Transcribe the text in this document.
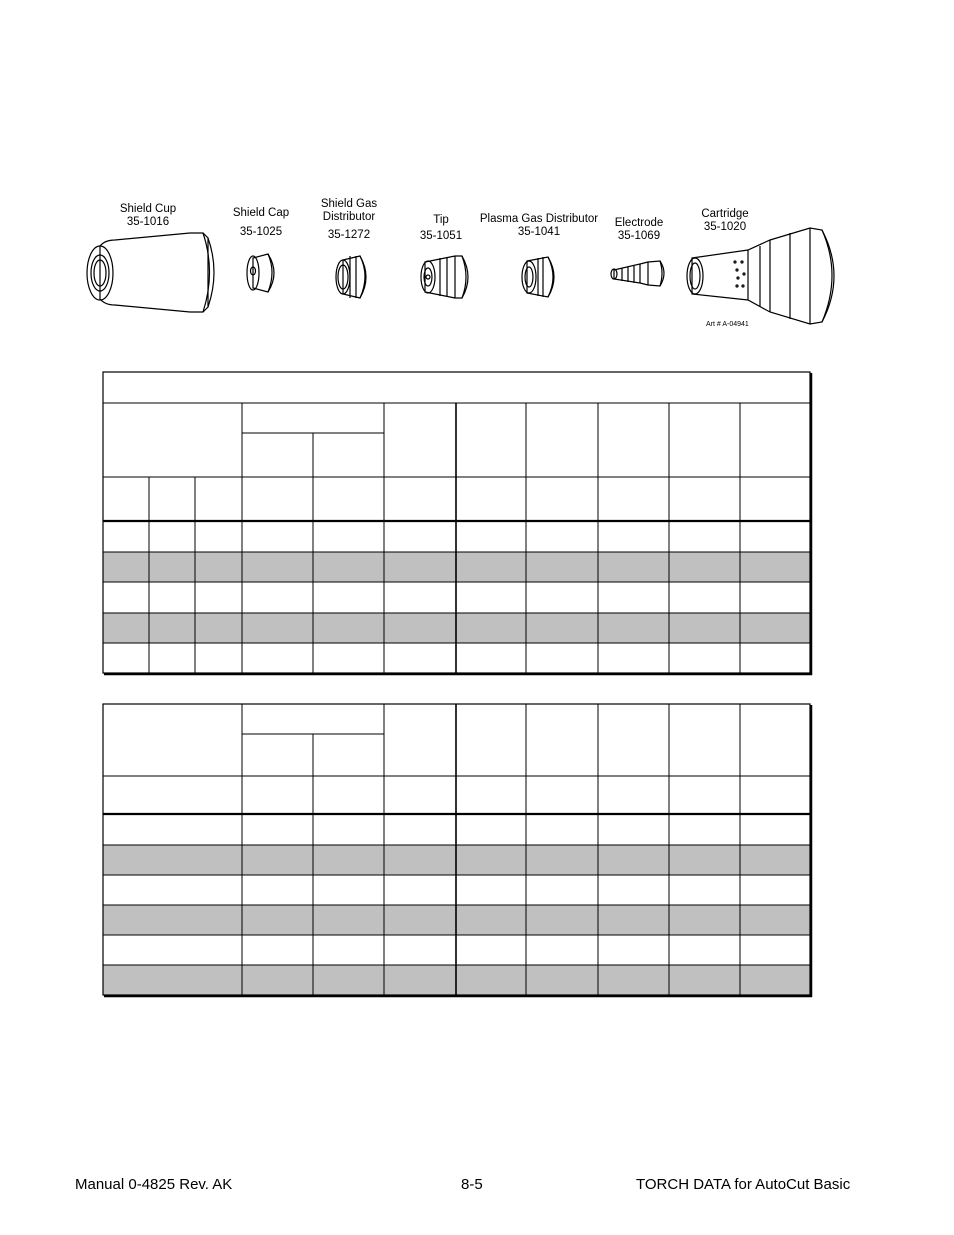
Shield Cup
35-1016
Shield Cap
35-1025
Shield Gas
Distributor
35-1272
Tip
35-1051
Plasma Gas Distributor
35-1041
Electrode
35-1069
Cartridge
35-1020
Art # A-04941
Manual 0-4825 Rev. AK	8-5	TORCH DATA for AutoCut Basic
